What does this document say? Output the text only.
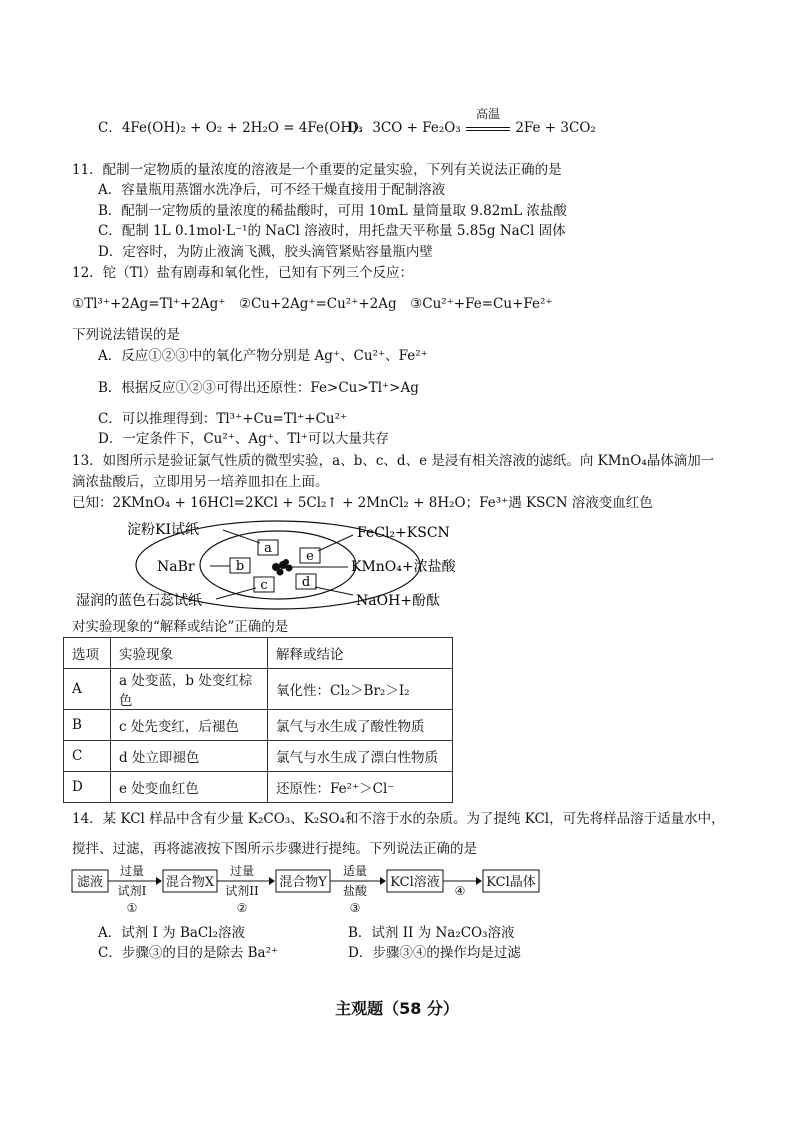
C．4Fe(OH)₂ + O₂ + 2H₂O = 4Fe(OH)₃
D．3CO + Fe₂O₃
高温
2Fe + 3CO₂
11．配制一定物质的量浓度的溶液是一个重要的定量实验，下列有关说法正确的是
A．容量瓶用蒸馏水洗净后，可不经干燥直接用于配制溶液
B．配制一定物质的量浓度的稀盐酸时，可用 10mL 量筒量取 9.82mL 浓盐酸
C．配制 1L 0.1mol·L⁻¹的 NaCl 溶液时，用托盘天平称量 5.85g NaCl 固体
D．定容时，为防止液滴飞溅，胶头滴管紧贴容量瓶内壁
12．铊（Tl）盐有剧毒和氧化性，已知有下列三个反应：
①Tl³⁺+2Ag=Tl⁺+2Ag⁺　②Cu+2Ag⁺=Cu²⁺+2Ag　③Cu²⁺+Fe=Cu+Fe²⁺
下列说法错误的是
A．反应①②③中的氧化产物分别是 Ag⁺、Cu²⁺、Fe²⁺
B．根据反应①②③可得出还原性：Fe>Cu>Tl⁺>Ag
C．可以推理得到：Tl³⁺+Cu=Tl⁺+Cu²⁺
D．一定条件下，Cu²⁺、Ag⁺、Tl⁺可以大量共存
13．如图所示是验证氯气性质的微型实验，a、b、c、d、e 是浸有相关溶液的滤纸。向 KMnO₄晶体滴加一
滴浓盐酸后，立即用另一培养皿扣在上面。
已知：2KMnO₄ + 16HCl=2KCl + 5Cl₂↑ + 2MnCl₂ + 8H₂O；Fe³⁺遇 KSCN 溶液变血红色
a
b
c	d
e
淀粉KI试纸
NaBr
湿润的蓝色石蕊试纸
FeCl₂+KSCN
KMnO₄+浓盐酸
NaOH+酚酞
对实验现象的“解释或结论”正确的是
选项	实验现象	解释或结论
A	a 处变蓝，b 处变红棕色	氧化性：Cl₂＞Br₂＞I₂
B	c 处先变红，后褪色	氯气与水生成了酸性物质
C	d 处立即褪色	氯气与水生成了漂白性物质
D	e 处变血红色	还原性：Fe²⁺＞Cl⁻
14．某 KCl 样品中含有少量 K₂CO₃、K₂SO₄和不溶于水的杂质。为了提纯 KCl，可先将样品溶于适量水中，
搅拌、过滤，再将滤液按下图所示步骤进行提纯。下列说法正确的是
滤液
过量
试剂I
①
混合物X
过量
试剂II
②
混合物Y
适量
盐酸
③
KCl溶液
④
KCl晶体
A．试剂 I 为 BaCl₂溶液	B．试剂 II 为 Na₂CO₃溶液
C．步骤③的目的是除去 Ba²⁺	D．步骤③④的操作均是过滤
主观题（58 分）
